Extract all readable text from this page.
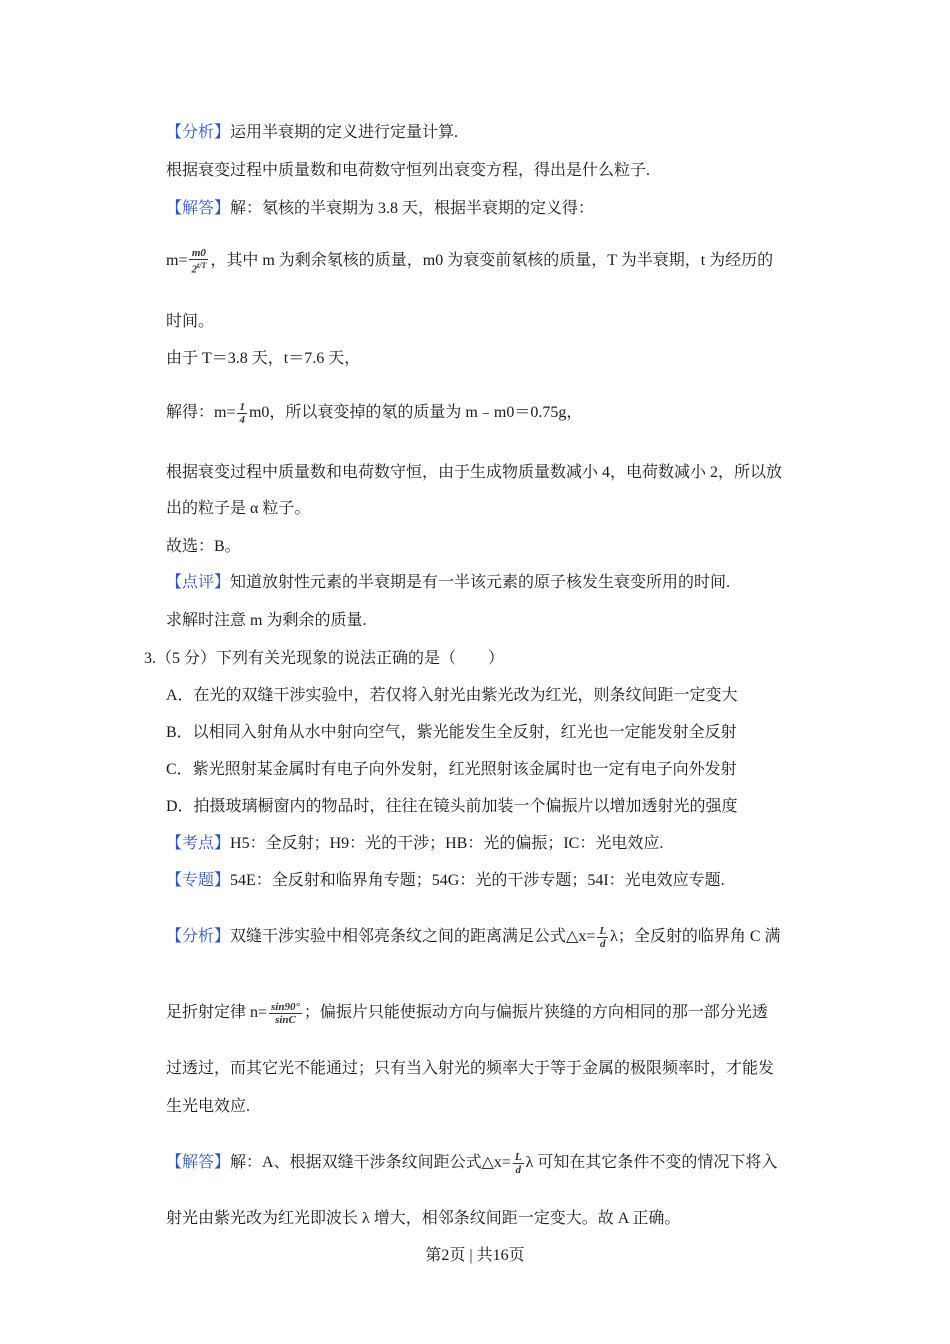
【分析】运用半衰期的定义进行定量计算.
根据衰变过程中质量数和电荷数守恒列出衰变方程，得出是什么粒子.
【解答】解：氡核的半衰期为 3.8 天，根据半衰期的定义得：
$m= \frac{m0}{2^{t/T}}$ ，其中 m 为剩余氡核的质量，m0 为衰变前氡核的质量，T 为半衰期，t 为经历的
时间。
由于 T＝3.8 天，t＝7.6 天，
解得：$m= \frac{1}{4} m0$，所以衰变掉的氡的质量为 m﹣m0＝0.75g，
根据衰变过程中质量数和电荷数守恒，由于生成物质量数减小 4，电荷数减小 2，所以放
出的粒子是 α 粒子。
故选：B。
【点评】知道放射性元素的半衰期是有一半该元素的原子核发生衰变所用的时间.
求解时注意 m 为剩余的质量.
3.（5 分）下列有关光现象的说法正确的是（　　）
A．在光的双缝干涉实验中，若仅将入射光由紫光改为红光，则条纹间距一定变大
B．以相同入射角从水中射向空气，紫光能发生全反射，红光也一定能发射全反射
C．紫光照射某金属时有电子向外发射，红光照射该金属时也一定有电子向外发射
D．拍摄玻璃橱窗内的物品时，往往在镜头前加装一个偏振片以增加透射光的强度
【考点】H5：全反射；H9：光的干涉；HB：光的偏振；IC：光电效应.
【专题】54E：全反射和临界角专题；54G：光的干涉专题；54I：光电效应专题.
【分析】双缝干涉实验中相邻亮条纹之间的距离满足公式△x= $\frac{L}{d}$ λ；全反射的临界角 C 满
足折射定律 $n= \frac{\sin 90^\circ}{\sin C}$ ；偏振片只能使振动方向与偏振片狭缝的方向相同的那一部分光透
过透过，而其它光不能通过；只有当入射光的频率大于等于金属的极限频率时，才能发
生光电效应.
【解答】解：A、根据双缝干涉条纹间距公式△x= $\frac{L}{d}$ λ 可知在其它条件不变的情况下将入
射光由紫光改为红光即波长 λ 增大，相邻条纹间距一定变大。故 A 正确。
第2页 | 共16页
